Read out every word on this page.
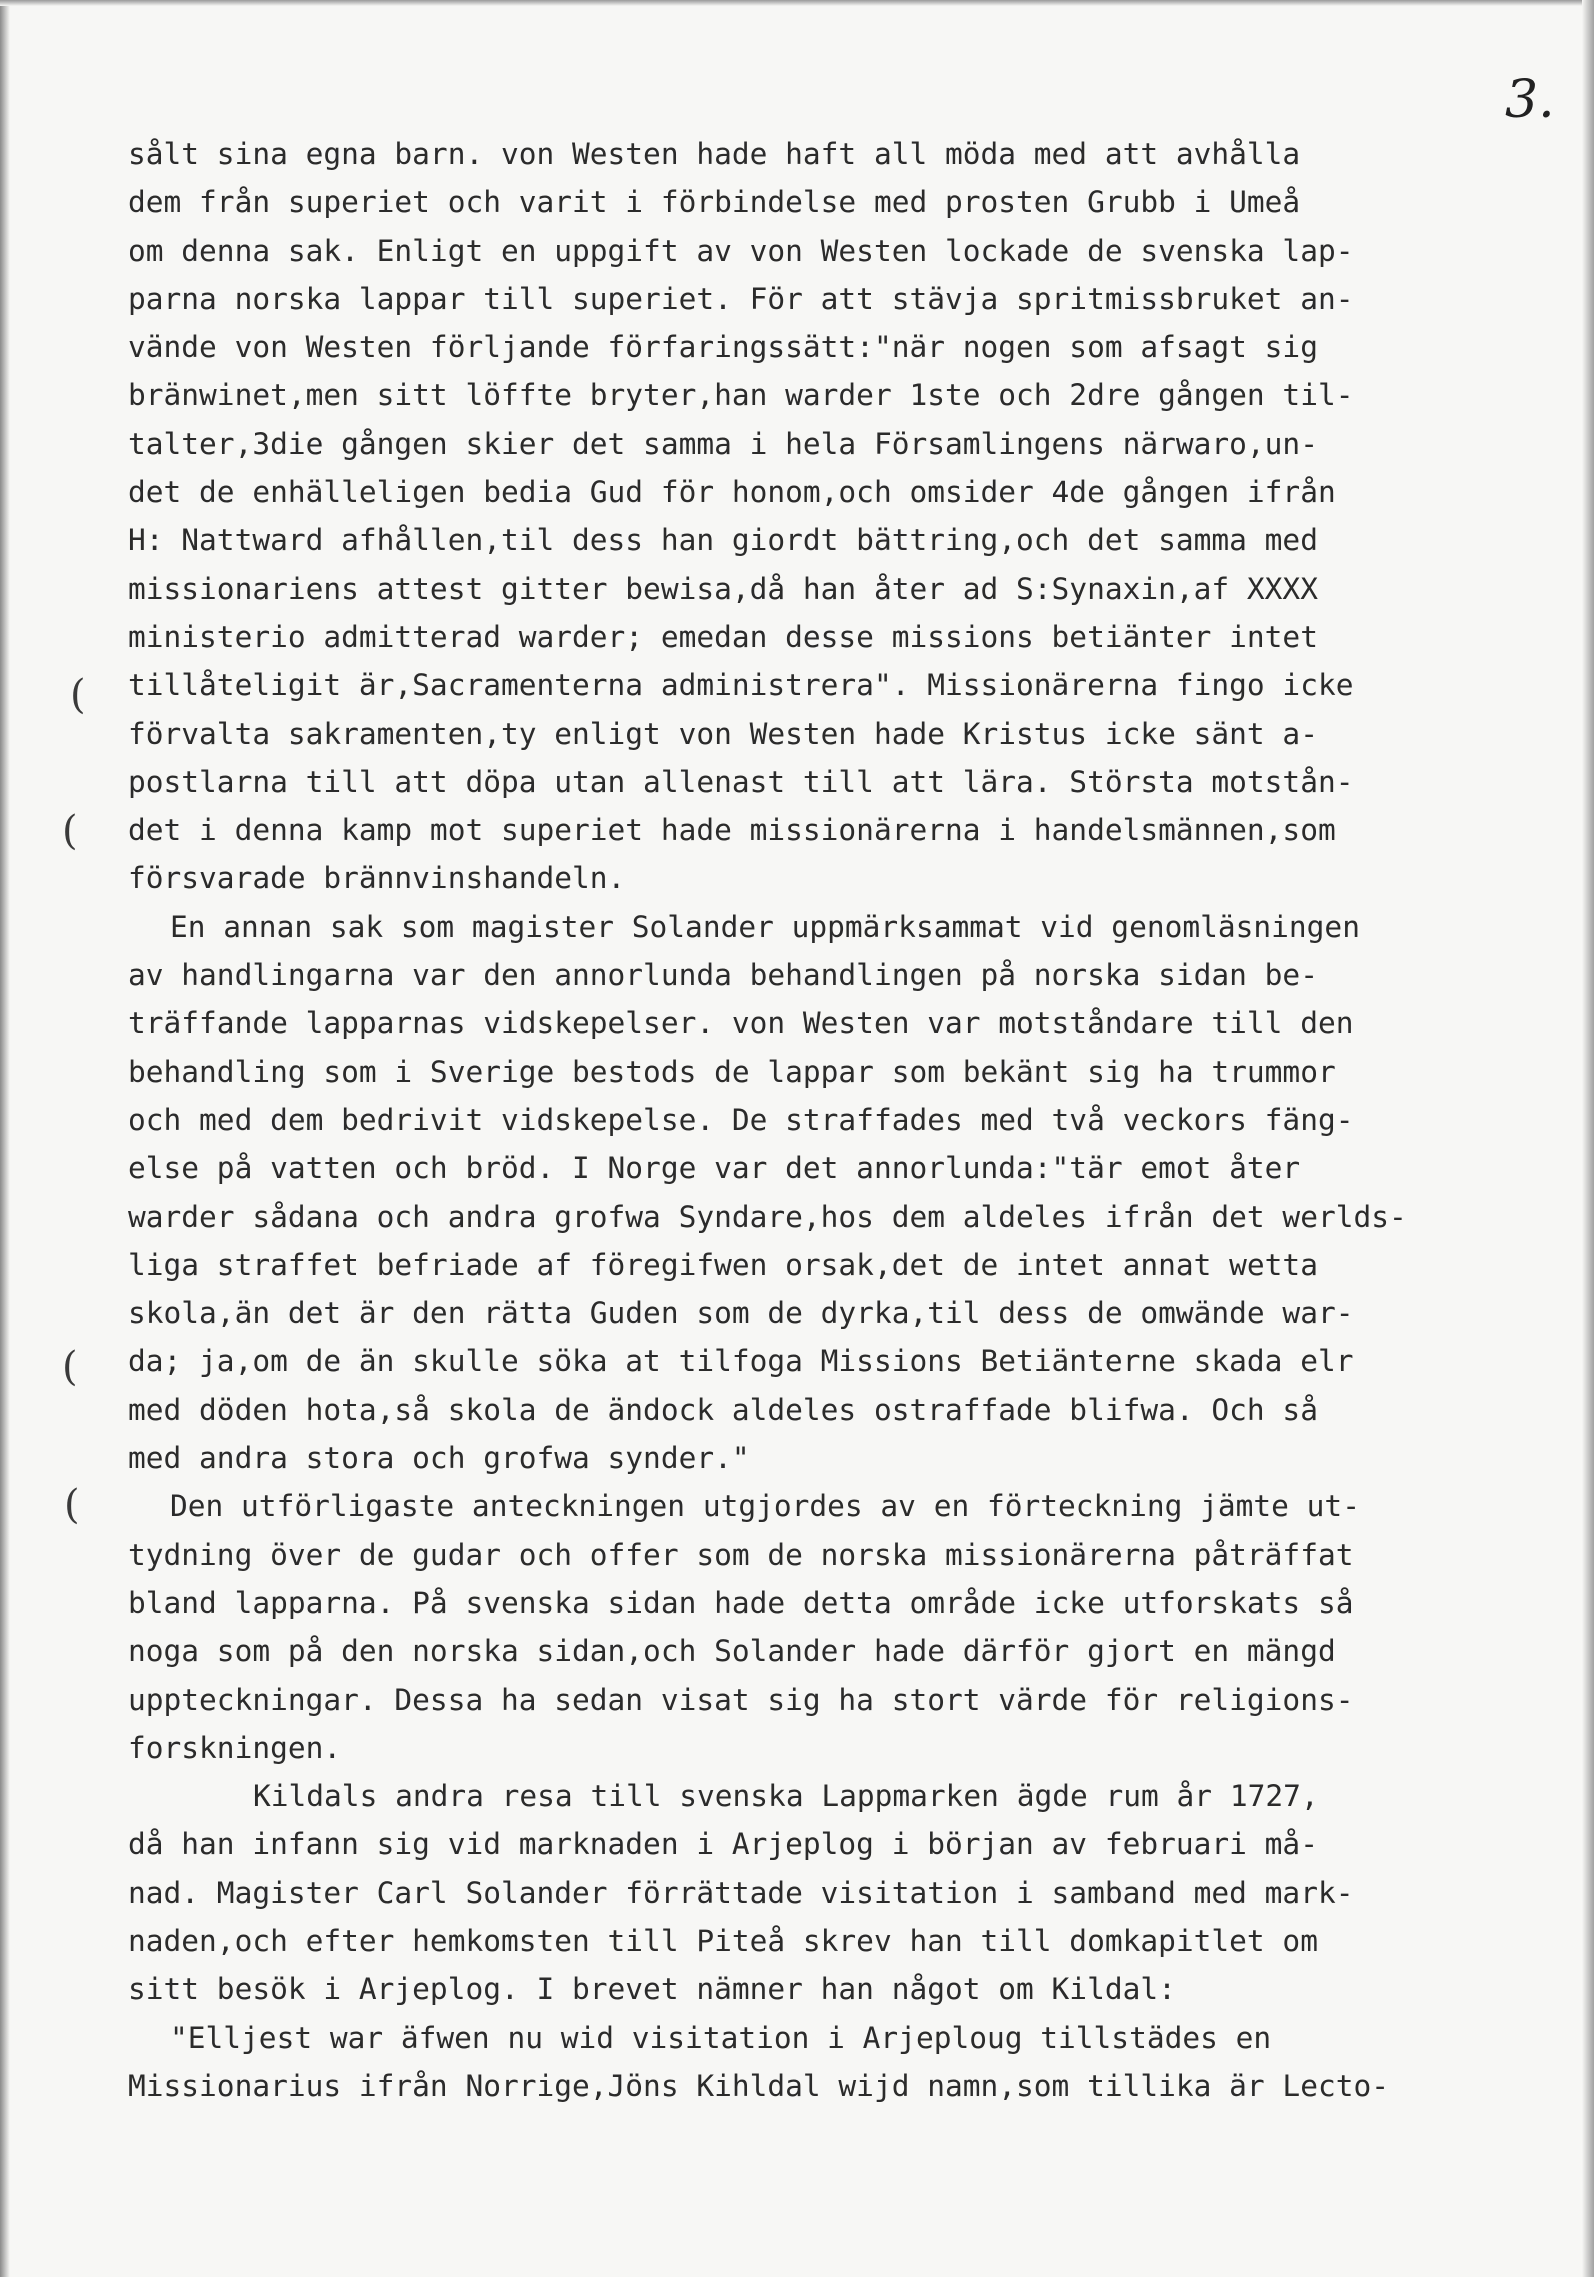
3.
(
(
(
(
sålt sina egna barn. von Westen hade haft all möda med att avhålla
dem från superiet och varit i förbindelse med prosten Grubb i Umeå
om denna sak. Enligt en uppgift av von Westen lockade de svenska lap-
parna norska lappar till superiet. För att stävja spritmissbruket an-
vände von Westen förljande förfaringssätt:"när nogen som afsagt sig
bränwinet,men sitt löffte bryter,han warder 1ste och 2dre gången til-
talter,3die gången skier det samma i hela Församlingens närwaro,un-
det de enhälleligen bedia Gud för honom,och omsider 4de gången ifrån
H: Nattward afhållen,til dess han giordt bättring,och det samma med
missionariens attest gitter bewisa,då han åter ad S:Synaxin,af XXXX
ministerio admitterad warder; emedan desse missions betiänter intet
tillåteligit är,Sacramenterna administrera". Missionärerna fingo icke
förvalta sakramenten,ty enligt von Westen hade Kristus icke sänt a-
postlarna till att döpa utan allenast till att lära. Största motstån-
det i denna kamp mot superiet hade missionärerna i handelsmännen,som
försvarade brännvinshandeln.
En annan sak som magister Solander uppmärksammat vid genomläsningen
av handlingarna var den annorlunda behandlingen på norska sidan be-
träffande lapparnas vidskepelser. von Westen var motståndare till den
behandling som i Sverige bestods de lappar som bekänt sig ha trummor
och med dem bedrivit vidskepelse. De straffades med två veckors fäng-
else på vatten och bröd. I Norge var det annorlunda:"tär emot åter
warder sådana och andra grofwa Syndare,hos dem aldeles ifrån det werlds-
liga straffet befriade af föregifwen orsak,det de intet annat wetta
skola,än det är den rätta Guden som de dyrka,til dess de omwände war-
da; ja,om de än skulle söka at tilfoga Missions Betiänterne skada elr
med döden hota,så skola de ändock aldeles ostraffade blifwa. Och så
med andra stora och grofwa synder."
Den utförligaste anteckningen utgjordes av en förteckning jämte ut-
tydning över de gudar och offer som de norska missionärerna påträffat
bland lapparna. På svenska sidan hade detta område icke utforskats så
noga som på den norska sidan,och Solander hade därför gjort en mängd
uppteckningar. Dessa ha sedan visat sig ha stort värde för religions-
forskningen.
Kildals andra resa till svenska Lappmarken ägde rum år 1727,
då han infann sig vid marknaden i Arjeplog i början av februari må-
nad. Magister Carl Solander förrättade visitation i samband med mark-
naden,och efter hemkomsten till Piteå skrev han till domkapitlet om
sitt besök i Arjeplog. I brevet nämner han något om Kildal:
"Elljest war äfwen nu wid visitation i Arjeploug tillstädes en
Missionarius ifrån Norrige,Jöns Kihldal wijd namn,som tillika är Lecto-
